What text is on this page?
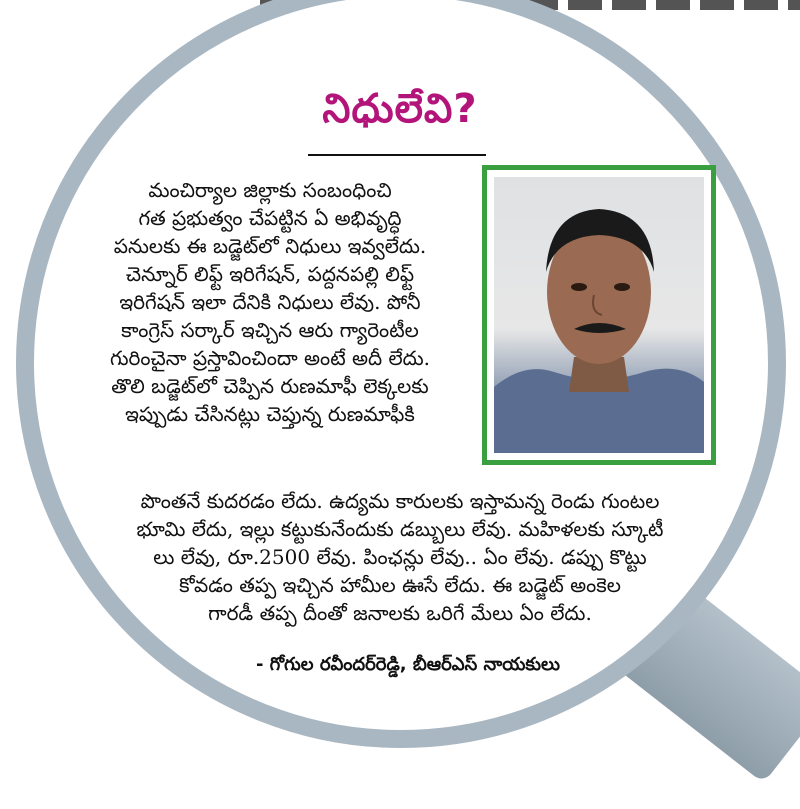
నిధులేవి?
మంచిర్యాల జిల్లాకు సంబంధించి
గత ప్రభుత్వం చేపట్టిన ఏ అభివృద్ధి
పనులకు ఈ బడ్జెట్‌లో నిధులు ఇవ్వలేదు.
చెన్నూర్ లిఫ్ట్ ఇరిగేషన్, పద్దనపల్లి లిఫ్ట్
ఇరిగేషన్ ఇలా దేనికి నిధులు లేవు. పోనీ
కాంగ్రెస్ సర్కార్ ఇచ్చిన ఆరు గ్యారెంటీల
గురించైనా ప్రస్తావించిందా అంటే అదీ లేదు.
తొలి బడ్జెట్‌లో చెప్పిన రుణమాఫీ లెక్కలకు
ఇప్పుడు చేసినట్లు చెప్తున్న రుణమాఫీకి
పొంతనే కుదరడం లేదు. ఉద్యమ కారులకు ఇస్తామన్న రెండు గుంటల
భూమి లేదు, ఇల్లు కట్టుకునేందుకు డబ్బులు లేవు. మహిళలకు స్కూటీ
లు లేవు, రూ.2500 లేవు. పింఛన్లు లేవు.. ఏం లేవు. డప్పు కొట్టు
కోవడం తప్ప ఇచ్చిన హామీల ఊసే లేదు. ఈ బడ్జెట్ అంకెల
గారడీ తప్ప దీంతో జనాలకు ఒరిగే మేలు ఏం లేదు.
- గోగుల రవీందర్‌రెడ్డి, బీఆర్‌ఎస్ నాయకులు
